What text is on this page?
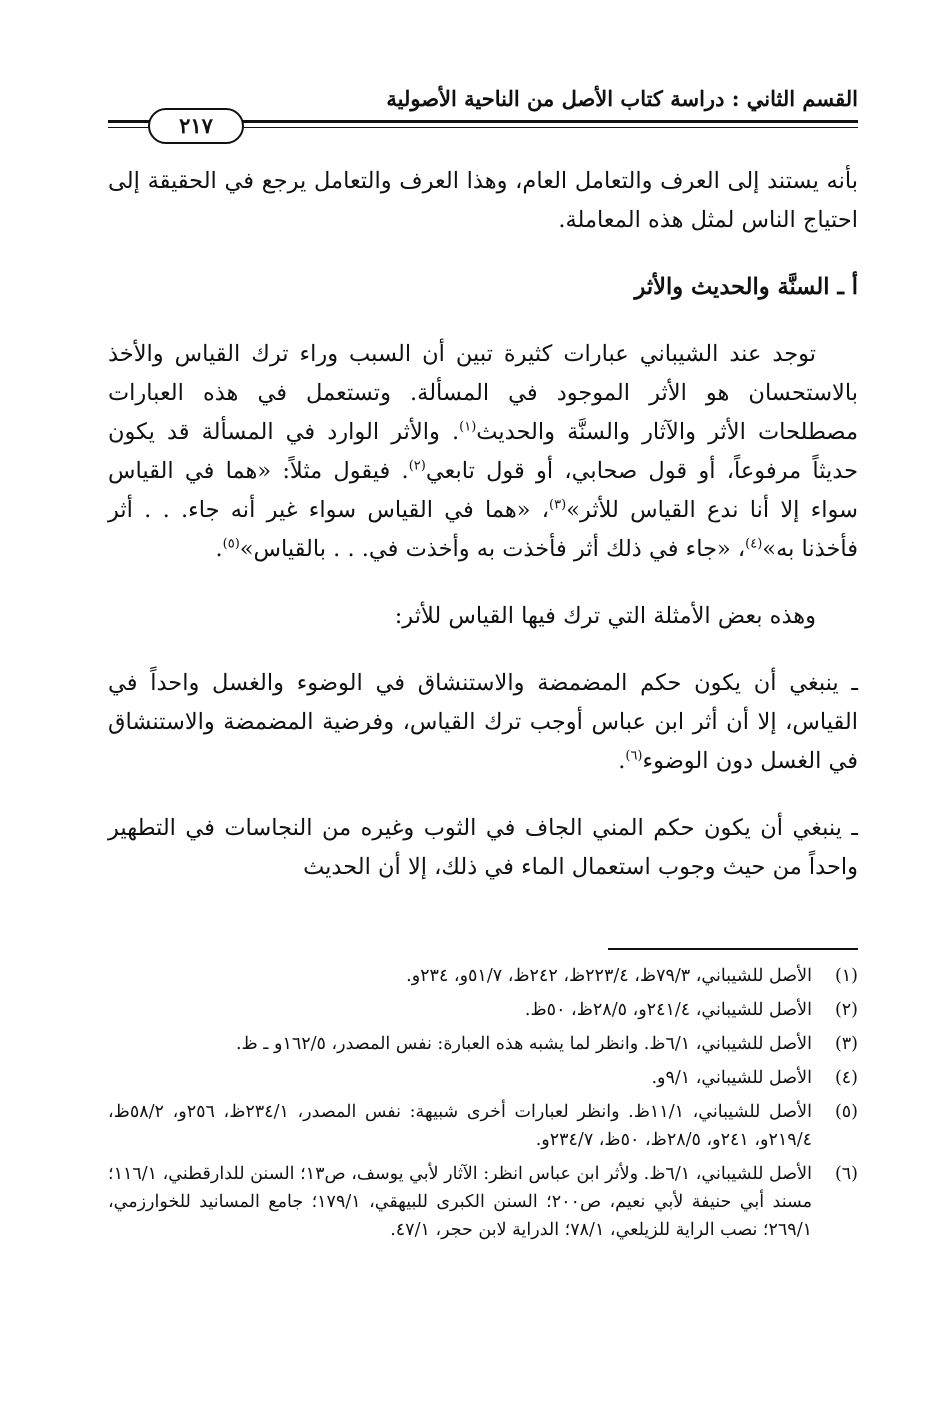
القسم الثاني : دراسة كتاب الأصل من الناحية الأصولية
٢١٧

بأنه يستند إلى العرف والتعامل العام، وهذا العرف والتعامل يرجع في الحقيقة إلى احتياج الناس لمثل هذه المعاملة.

أ ـ السنَّة والحديث والأثر

توجد عند الشيباني عبارات كثيرة تبين أن السبب وراء ترك القياس والأخذ بالاستحسان هو الأثر الموجود في المسألة. وتستعمل في هذه العبارات مصطلحات الأثر والآثار والسنَّة والحديث$^{(١)}$. والأثر الوارد في المسألة قد يكون حديثاً مرفوعاً، أو قول صحابي، أو قول تابعي$^{(٢)}$. فيقول مثلاً: «هما في القياس سواء إلا أنا ندع القياس للأثر»$^{(٣)}$، «هما في القياس سواء غير أنه جاء. . . أثر فأخذنا به»$^{(٤)}$، «جاء في ذلك أثر فأخذت به وأخذت في. . . بالقياس»$^{(٥)}$.

وهذه بعض الأمثلة التي ترك فيها القياس للأثر:

ـ ينبغي أن يكون حكم المضمضة والاستنشاق في الوضوء والغسل واحداً في القياس، إلا أن أثر ابن عباس أوجب ترك القياس، وفرضية المضمضة والاستنشاق في الغسل دون الوضوء$^{(٦)}$.

ـ ينبغي أن يكون حكم المني الجاف في الثوب وغيره من النجاسات في التطهير واحداً من حيث وجوب استعمال الماء في ذلك، إلا أن الحديث

(١)
الأصل للشيباني، ٧٩/٣ظ، ٢٢٣/٤ظ، ٢٤٢ظ، ٥١/٧و، ٢٣٤و.
(٢)
الأصل للشيباني، ٢٤١/٤و، ٢٨/٥ظ، ٥٠ظ.
(٣)
الأصل للشيباني، ٦/١ظ. وانظر لما يشبه هذه العبارة: نفس المصدر، ١٦٢/٥و ـ ظ.
(٤)
الأصل للشيباني، ٩/١و.
(٥)
الأصل للشيباني، ١١/١ظ. وانظر لعبارات أخرى شبيهة: نفس المصدر، ٢٣٤/١ظ، ٢٥٦و، ٥٨/٢ظ، ٢١٩/٤و، ٢٤١و، ٢٨/٥ظ، ٥٠ظ، ٢٣٤/٧و.
(٦)
الأصل للشيباني، ٦/١ظ. ولأثر ابن عباس انظر: الآثار لأبي يوسف، ص١٣؛ السنن للدارقطني، ١١٦/١؛ مسند أبي حنيفة لأبي نعيم، ص٢٠٠؛ السنن الكبرى للبيهقي، ١٧٩/١؛ جامع المسانيد للخوارزمي، ٢٦٩/١؛ نصب الراية للزيلعي، ٧٨/١؛ الدراية لابن حجر، ٤٧/١.
